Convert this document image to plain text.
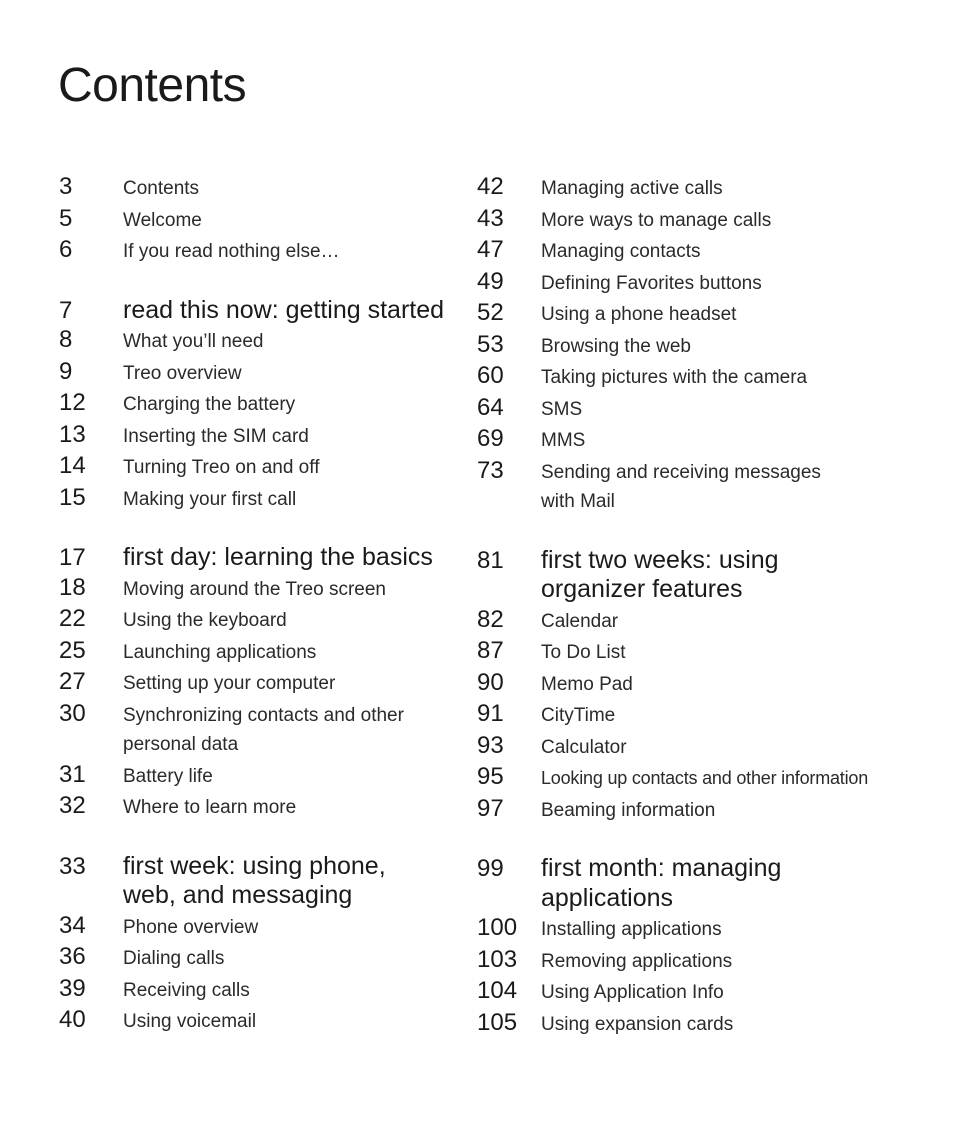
Contents
3	Contents
5	Welcome
6	If you read nothing else…
7	read this now: getting started
8	What you’ll need
9	Treo overview
12	Charging the battery
13	Inserting the SIM card
14	Turning Treo on and off
15	Making your first call
17	first day: learning the basics
18	Moving around the Treo screen
22	Using the keyboard
25	Launching applications
27	Setting up your computer
30	Synchronizing contacts and other personal data
31	Battery life
32	Where to learn more
33	first week: using phone, web, and messaging
34	Phone overview
36	Dialing calls
39	Receiving calls
40	Using voicemail
42	Managing active calls
43	More ways to manage calls
47	Managing contacts
49	Defining Favorites buttons
52	Using a phone headset
53	Browsing the web
60	Taking pictures with the camera
64	SMS
69	MMS
73	Sending and receiving messages with Mail
81	first two weeks: using organizer features
82	Calendar
87	To Do List
90	Memo Pad
91	CityTime
93	Calculator
95	Looking up contacts and other information
97	Beaming information
99	first month: managing applications
100	Installing applications
103	Removing applications
104	Using Application Info
105	Using expansion cards
